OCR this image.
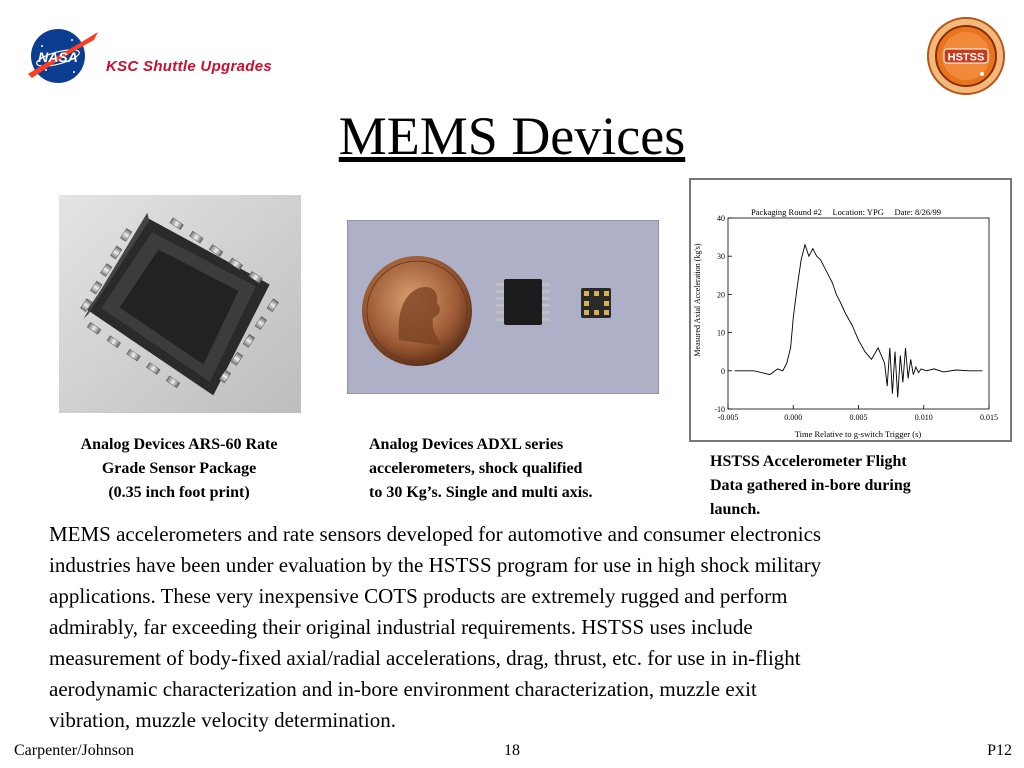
NASA
KSC Shuttle Upgrades
HSTSS
MEMS Devices
Packaging Round #2     Location: YPG     Date: 8/26/99
Measured Axial Acceleration (kg's)
Time Relative to g-switch Trigger (s)
-10
0
10
20
30
40
-0.005	0.000	0.005	0.010	0.015
Analog Devices ARS-60 Rate
Grade Sensor Package
(0.35 inch foot print)
Analog Devices ADXL series
accelerometers, shock qualified
to 30 Kg’s. Single and multi axis.
HSTSS Accelerometer Flight
Data gathered in-bore during
launch.
MEMS accelerometers and rate sensors developed for automotive and consumer electronics
industries have been under evaluation by the HSTSS program for use in high shock military
applications. These very inexpensive COTS products are extremely rugged and perform
admirably, far exceeding their original industrial requirements. HSTSS uses include
measurement of body-fixed axial/radial accelerations, drag, thrust, etc. for use in in-flight
aerodynamic characterization and in-bore environment characterization, muzzle exit
vibration, muzzle velocity determination.
Carpenter/Johnson	18	P12
